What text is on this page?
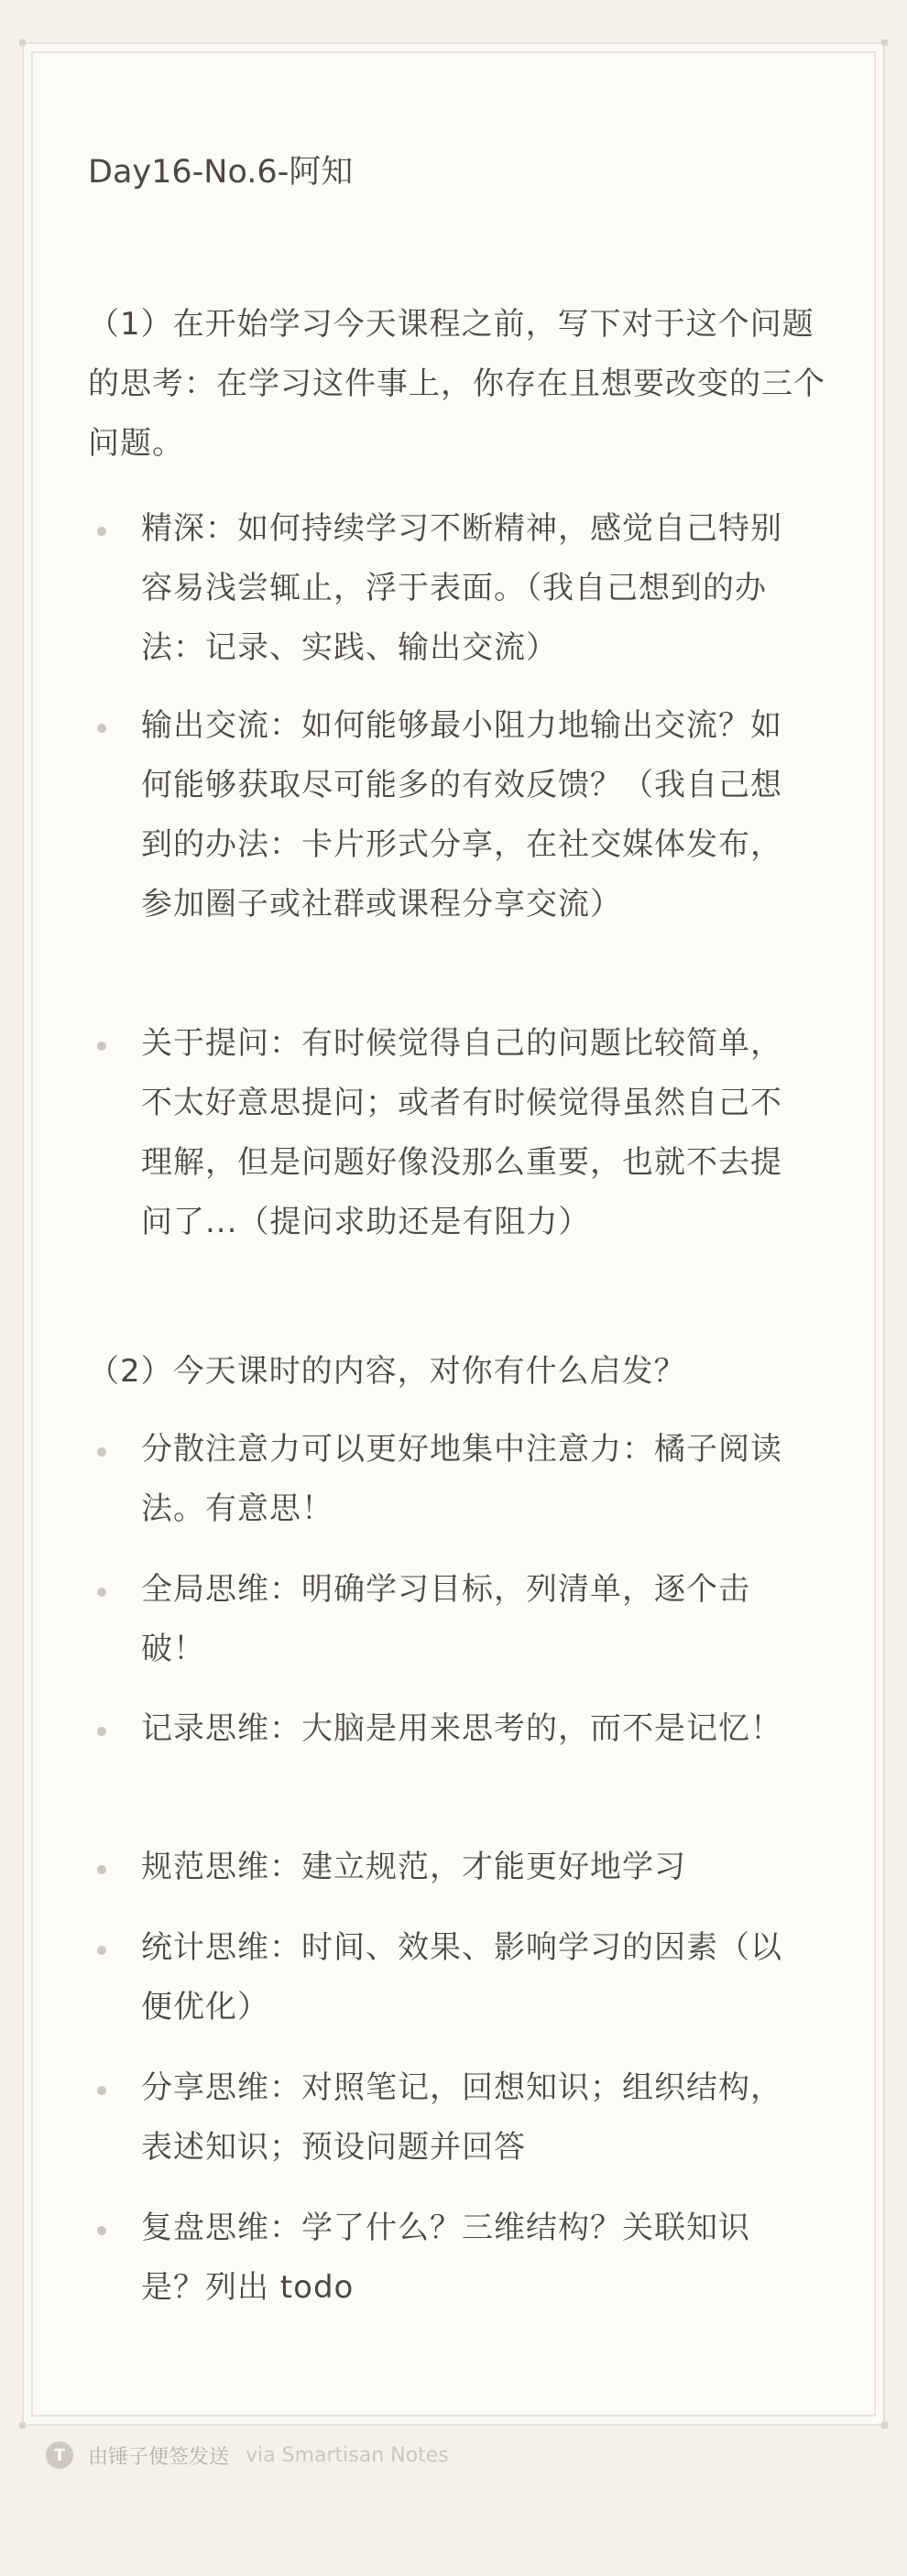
Day16-No.6-阿知
（1）在开始学习今天课程之前，写下对于这个问题的思考：在学习这件事上，你存在且想要改变的三个问题。
精深：如何持续学习不断精神，感觉自己特别容易浅尝辄止，浮于表面。（我自己想到的办法：记录、实践、输出交流）
输出交流：如何能够最小阻力地输出交流？如何能够获取尽可能多的有效反馈？（我自己想到的办法：卡片形式分享，在社交媒体发布，参加圈子或社群或课程分享交流）
关于提问：有时候觉得自己的问题比较简单，不太好意思提问；或者有时候觉得虽然自己不理解，但是问题好像没那么重要，也就不去提问了...（提问求助还是有阻力）
（2）今天课时的内容，对你有什么启发？
分散注意力可以更好地集中注意力：橘子阅读法。有意思！
全局思维：明确学习目标，列清单，逐个击破！
记录思维：大脑是用来思考的，而不是记忆！
规范思维：建立规范，才能更好地学习
统计思维：时间、效果、影响学习的因素（以便优化）
分享思维：对照笔记，回想知识；组织结构，表述知识；预设问题并回答
复盘思维：学了什么？三维结构？关联知识是？列出 todo
T	由锤子便签发送 via Smartisan Notes
